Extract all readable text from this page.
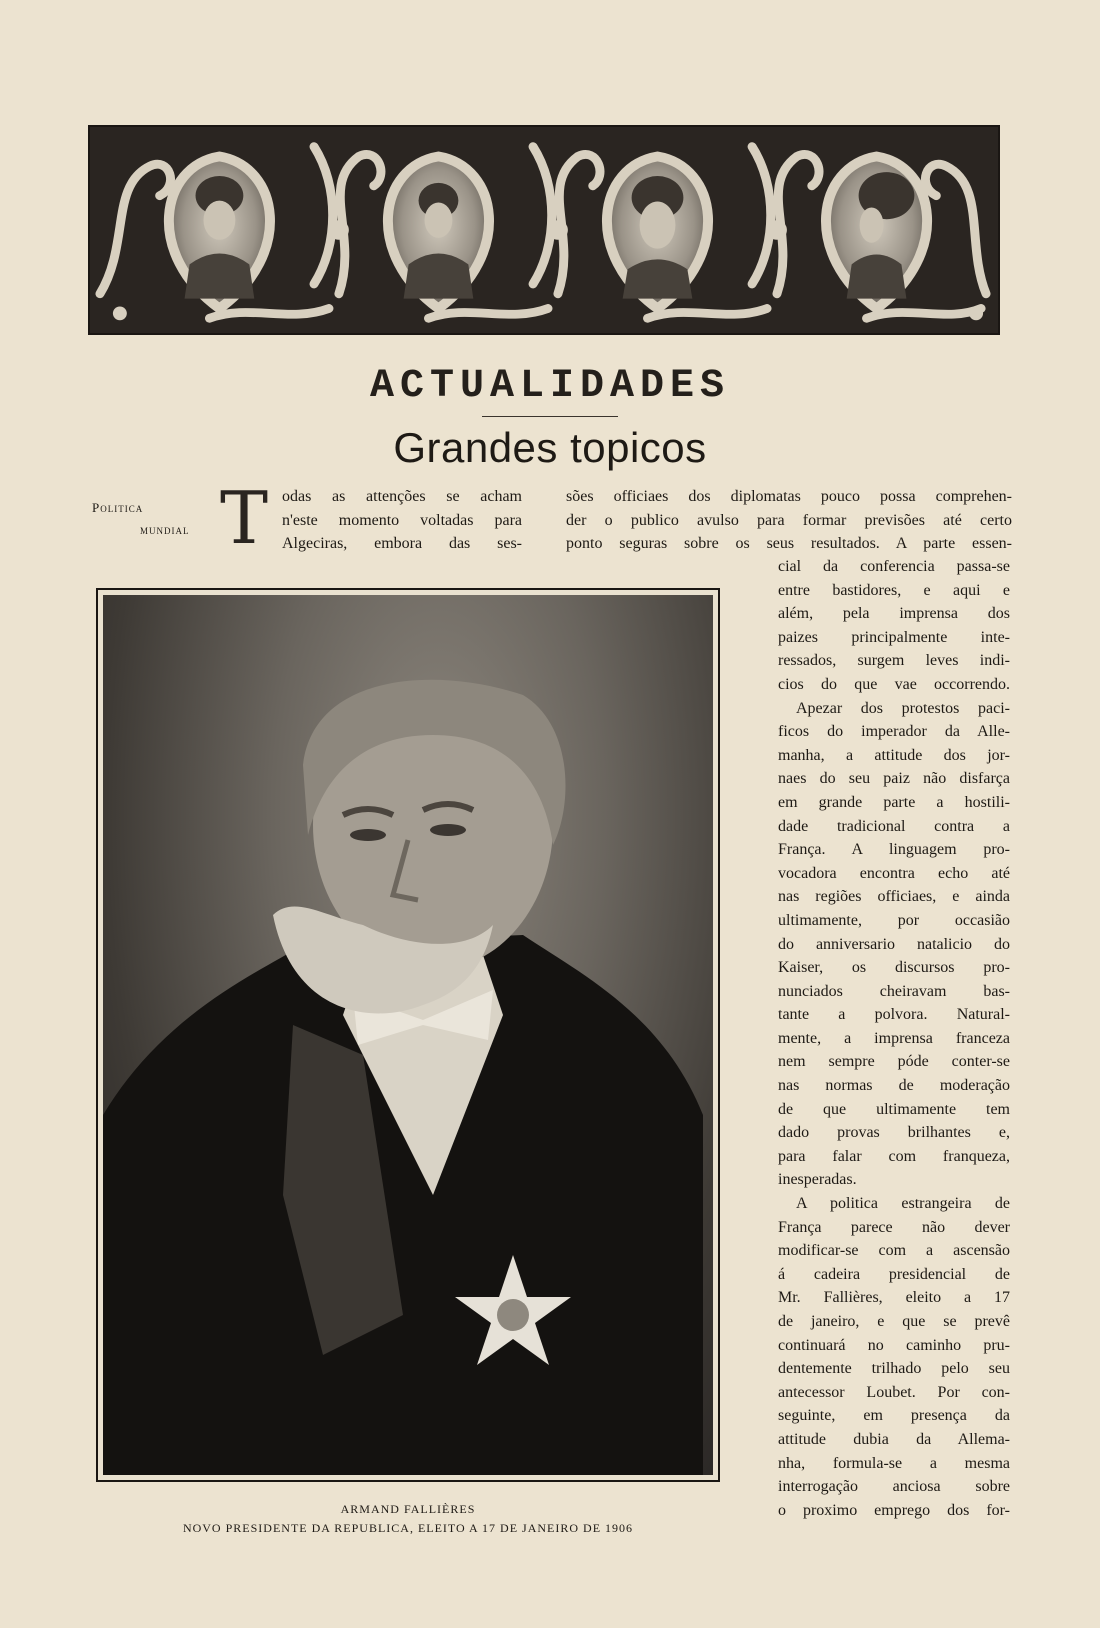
ACTUALIDADES
Grandes topicos
Politica
mundial T odas as attenções se acham
n'este momento voltadas para
Algeciras, embora das ses-
sões officiaes dos diplomatas pouco possa comprehen-
der o publico avulso para formar previsões até certo
ponto seguras sobre os seus resultados. A parte essen-
cial da conferencia passa-se
entre bastidores, e aqui e
além, pela imprensa dos
paizes principalmente inte-
ressados, surgem leves indi-
cios do que vae occorrendo.
Apezar dos protestos paci-
ficos do imperador da Alle-
manha, a attitude dos jor-
naes do seu paiz não disfarça
em grande parte a hostili-
dade tradicional contra a
França. A linguagem pro-
vocadora encontra echo até
nas regiões officiaes, e ainda
ultimamente, por occasião
do anniversario natalicio do
Kaiser, os discursos pro-
nunciados cheiravam bas-
tante a polvora. Natural-
mente, a imprensa franceza
nem sempre póde conter-se
nas normas de moderação
de que ultimamente tem
dado provas brilhantes e,
para falar com franqueza,
inesperadas.
A politica estrangeira de
França parece não dever
modificar-se com a ascensão
á cadeira presidencial de
Mr. Fallières, eleito a 17
de janeiro, e que se prevê
continuará no caminho pru-
dentemente trilhado pelo seu
antecessor Loubet. Por con-
seguinte, em presença da
attitude dubia da Allema-
nha, formula-se a mesma
interrogação anciosa sobre
o proximo emprego dos for-
ARMAND FALLIÈRES
NOVO PRESIDENTE DA REPUBLICA, ELEITO A 17 DE JANEIRO DE 1906
